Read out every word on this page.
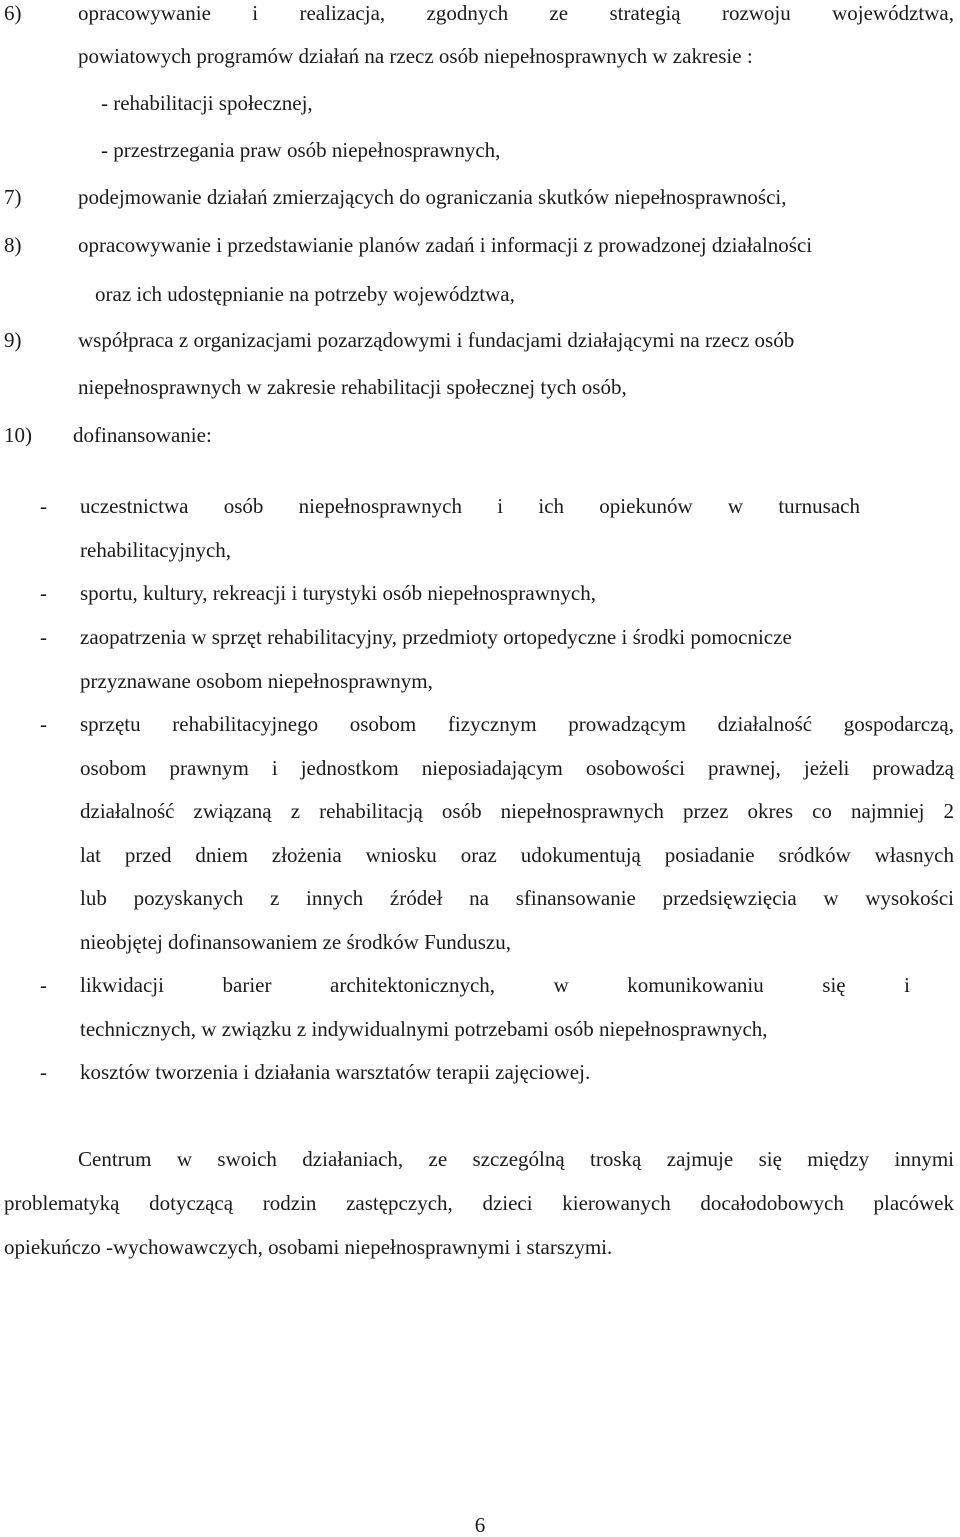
6)	opracowywanie i realizacja, zgodnych ze strategią rozwoju województwa,
powiatowych programów działań na rzecz osób niepełnosprawnych w zakresie :
- rehabilitacji społecznej,
- przestrzegania praw osób niepełnosprawnych,
7)	podejmowanie działań zmierzających do ograniczania skutków niepełnosprawności,
8)	opracowywanie i przedstawianie planów zadań i informacji z prowadzonej działalności
oraz ich udostępnianie na potrzeby województwa,
9)	współpraca z organizacjami pozarządowymi i fundacjami działającymi na rzecz osób
niepełnosprawnych w zakresie rehabilitacji społecznej tych osób,
10) dofinansowanie:
- uczestnictwa osób niepełnosprawnych i ich opiekunów w turnusach
rehabilitacyjnych,
- sportu, kultury, rekreacji i turystyki osób niepełnosprawnych,
- zaopatrzenia w sprzęt rehabilitacyjny, przedmioty ortopedyczne i środki pomocnicze
przyznawane osobom niepełnosprawnym,
- sprzętu rehabilitacyjnego osobom fizycznym prowadzącym działalność gospodarczą,
osobom prawnym i jednostkom nieposiadającym osobowości prawnej, jeżeli prowadzą
działalność związaną z rehabilitacją osób niepełnosprawnych przez okres co najmniej 2
lat przed dniem złożenia wniosku oraz udokumentują posiadanie sródków własnych
lub pozyskanych z innych źródeł na sfinansowanie przedsięwzięcia w wysokości
nieobjętej dofinansowaniem ze środków Funduszu,
- likwidacji barier architektonicznych, w komunikowaniu się i
technicznych, w związku z indywidualnymi potrzebami osób niepełnosprawnych,
- kosztów tworzenia i działania warsztatów terapii zajęciowej.
Centrum w swoich działaniach, ze szczególną troską zajmuje się między innymi
problematyką dotyczącą rodzin zastępczych, dzieci kierowanych docałodobowych placówek
opiekuńczo -wychowawczych, osobami niepełnosprawnymi i starszymi.
6
